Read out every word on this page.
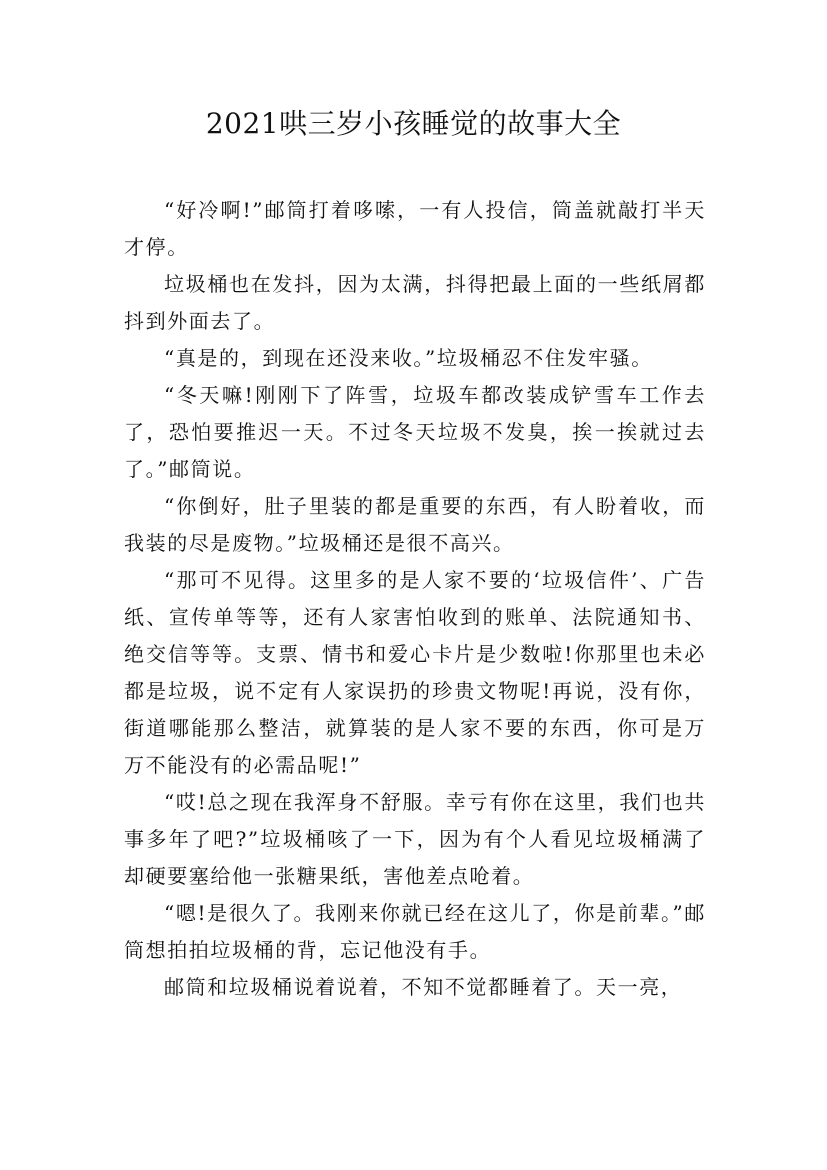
2021哄三岁小孩睡觉的故事大全

“好冷啊!”邮筒打着哆嗦，一有人投信，筒盖就敲打半天才停。

垃圾桶也在发抖，因为太满，抖得把最上面的一些纸屑都抖到外面去了。

“真是的，到现在还没来收。”垃圾桶忍不住发牢骚。

“冬天嘛!刚刚下了阵雪，垃圾车都改装成铲雪车工作去了，恐怕要推迟一天。不过冬天垃圾不发臭，挨一挨就过去了。”邮筒说。

“你倒好，肚子里装的都是重要的东西，有人盼着收，而我装的尽是废物。”垃圾桶还是很不高兴。

“那可不见得。这里多的是人家不要的‘垃圾信件’、广告纸、宣传单等等，还有人家害怕收到的账单、法院通知书、绝交信等等。支票、情书和爱心卡片是少数啦!你那里也未必都是垃圾，说不定有人家误扔的珍贵文物呢!再说，没有你，街道哪能那么整洁，就算装的是人家不要的东西，你可是万万不能没有的必需品呢!”

“哎!总之现在我浑身不舒服。幸亏有你在这里，我们也共事多年了吧?”垃圾桶咳了一下，因为有个人看见垃圾桶满了却硬要塞给他一张糖果纸，害他差点呛着。

“嗯!是很久了。我刚来你就已经在这儿了，你是前辈。”邮筒想拍拍垃圾桶的背，忘记他没有手。

邮筒和垃圾桶说着说着，不知不觉都睡着了。天一亮，
